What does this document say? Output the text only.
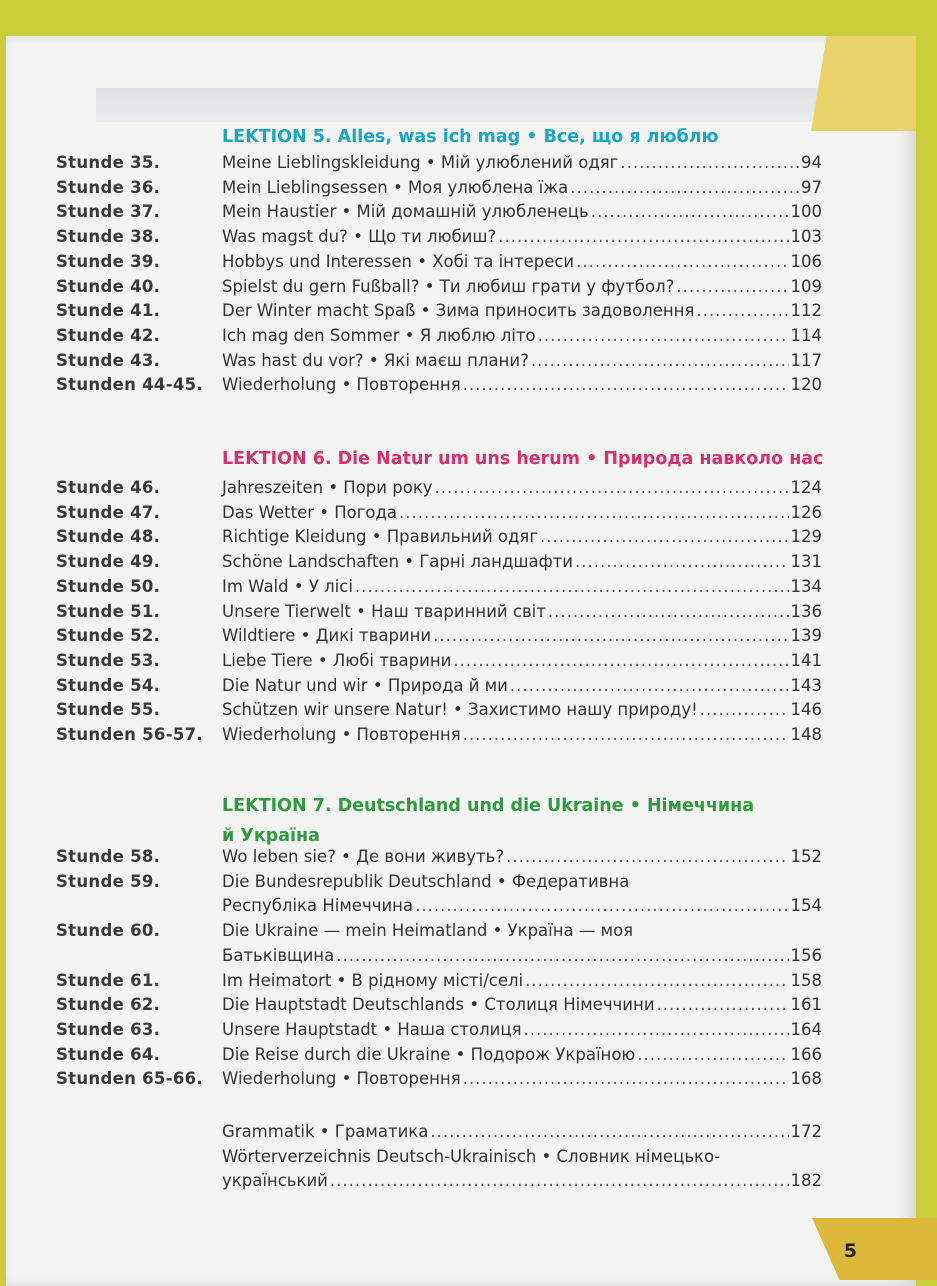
5
LEKTION 5. Alles, was ich mag • Все, що я люблю
Stunde 35.	Meine Lieblingskleidung • Мій улюблений одяг .....	94
Stunde 36.	Mein Lieblingsessen • Моя улюблена їжа .....	97
Stunde 37.	Mein Haustier • Мій домашній улюбленець .....	100
Stunde 38.	Was magst du? • Що ти любиш? .....	103
Stunde 39.	Hobbys und Interessen • Хобі та інтереси .....	106
Stunde 40.	Spielst du gern Fußball? • Ти любиш грати у футбол? .....	109
Stunde 41.	Der Winter macht Spaß • Зима приносить задоволення .....	112
Stunde 42.	Ich mag den Sommer • Я люблю літо .....	114
Stunde 43.	Was hast du vor? • Які маєш плани? .....	117
Stunden 44-45. Wiederholung • Повторення .....	120
LEKTION 6. Die Natur um uns herum • Природа навколо нас
Stunde 46.	Jahreszeiten • Пори року .....	124
Stunde 47.	Das Wetter • Погода .....	126
Stunde 48.	Richtige Kleidung • Правильний одяг .....	129
Stunde 49.	Schöne Landschaften • Гарні ландшафти .....	131
Stunde 50.	Im Wald • У лісі .....	134
Stunde 51.	Unsere Tierwelt • Наш тваринний світ .....	136
Stunde 52.	Wildtiere • Дикі тварини .....	139
Stunde 53.	Liebe Tiere • Любі тварини .....	141
Stunde 54.	Die Natur und wir • Природа й ми .....	143
Stunde 55.	Schützen wir unsere Natur! • Захистимо нашу природу! .....	146
Stunden 56-57. Wiederholung • Повторення .....	148
LEKTION 7. Deutschland und die Ukraine • Німеччина
й Україна
Stunde 58.	Wo leben sie? • Де вони живуть? .....	152
Stunde 59.	Die Bundesrepublik Deutschland • Федеративна
Республіка Німеччина .....	154
Stunde 60.	Die Ukraine — mein Heimatland • Україна — моя
Батьківщина .....	156
Stunde 61.	Im Heimatort • В рідному місті/селі .....	158
Stunde 62.	Die Hauptstadt Deutschlands • Столиця Німеччини .....	161
Stunde 63.	Unsere Hauptstadt • Наша столиця .....	164
Stunde 64.	Die Reise durch die Ukraine • Подорож Україною .....	166
Stunden 65-66. Wiederholung • Повторення .....	168
Grammatik • Граматика .....	172
Wörterverzeichnis Deutsch-Ukrainisch • Словник німецько-
український .....	182
